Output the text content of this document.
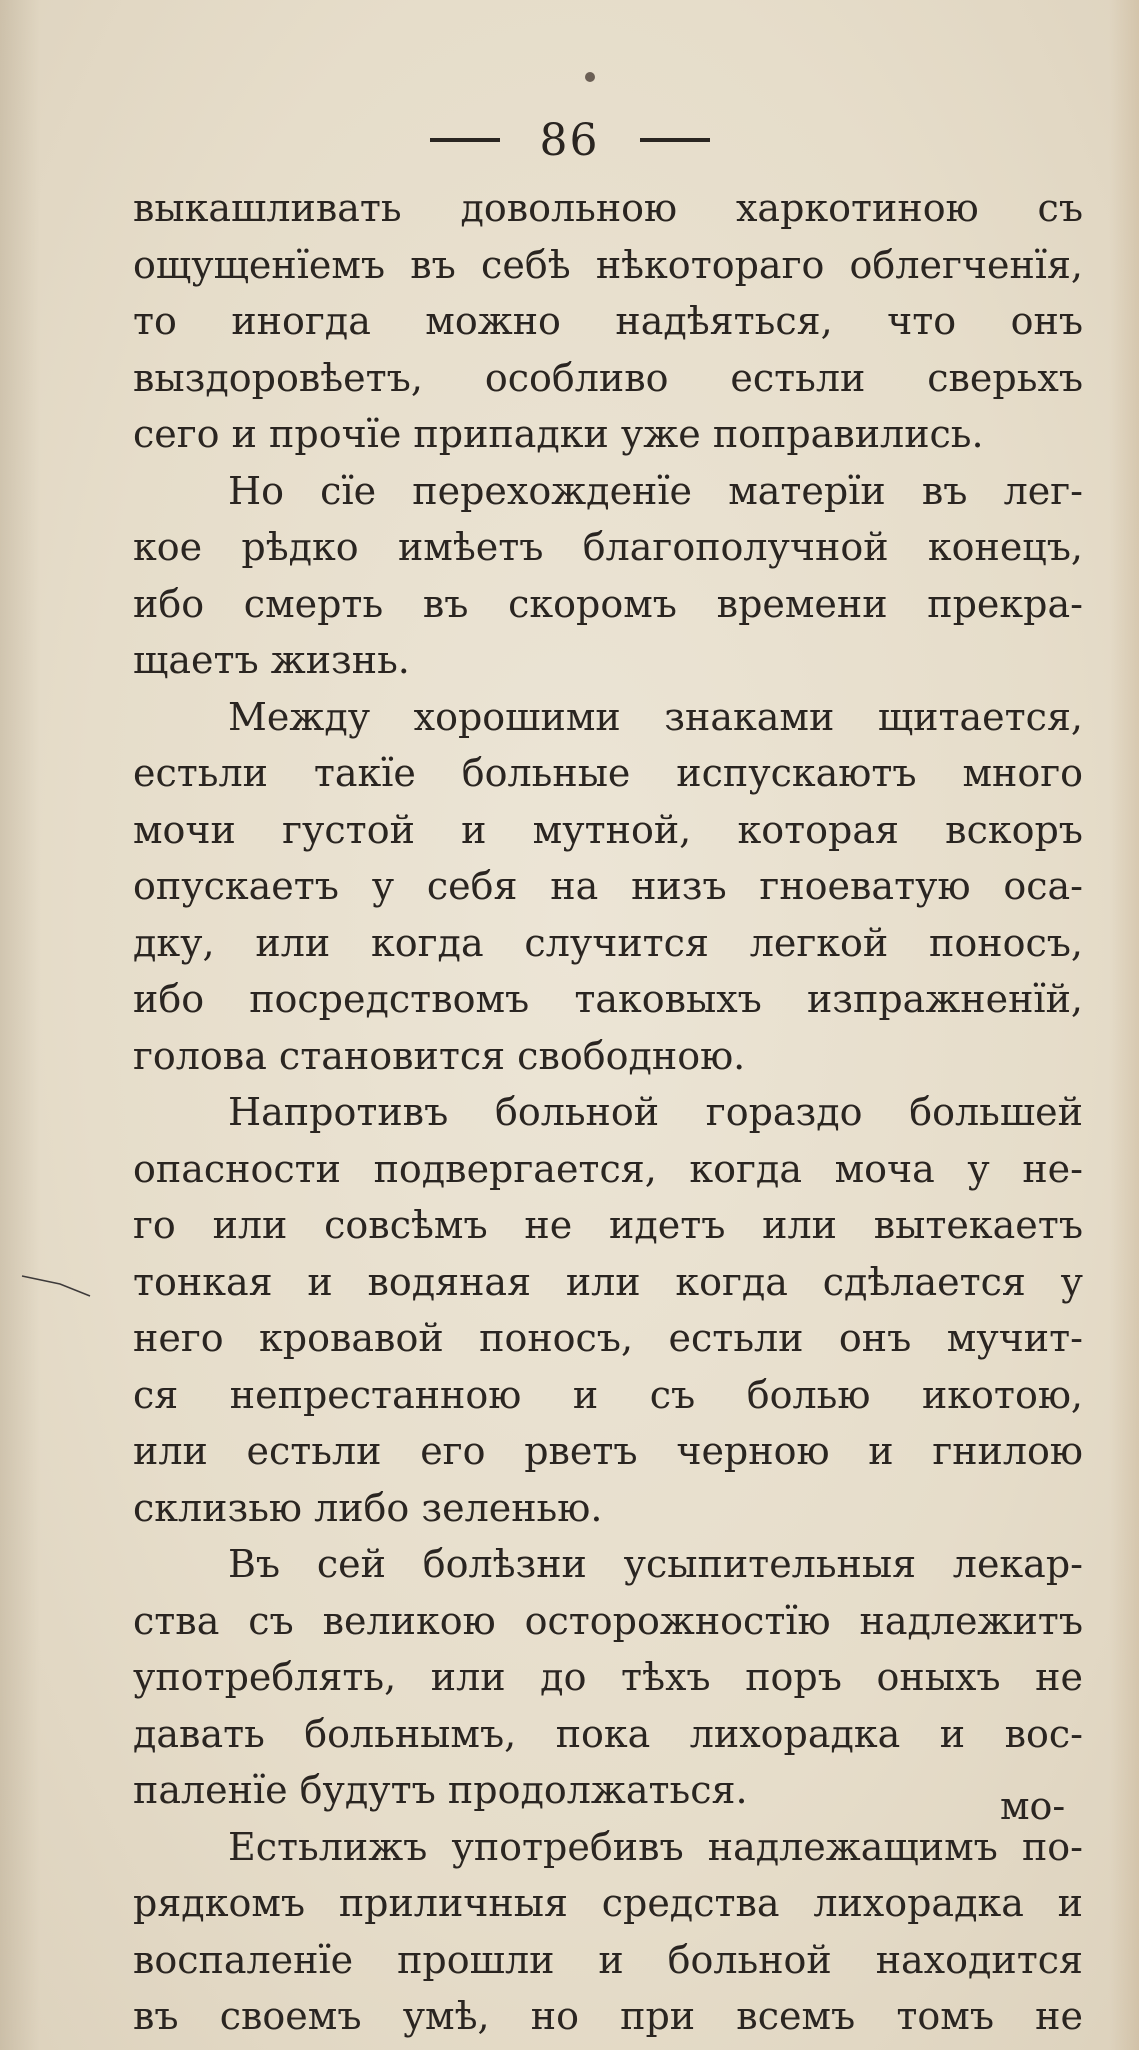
86
выкашливать довольною харкотиною съ
ощущенїемъ въ себѣ нѣкотораго облегченїя,
то иногда можно надѣяться, что онъ
выздоровѣетъ, особливо естьли сверьхъ
сего и прочїе припадки уже поправились.
Но сїе перехожденїе матерїи въ лег-
кое рѣдко имѣетъ благополучной конецъ,
ибо смерть въ скоромъ времени прекра-
щаетъ жизнь.
Между хорошими знаками щитается,
естьли такїе больные испускаютъ много
мочи густой и мутной, которая вскоръ
опускаетъ у себя на низъ гноеватую оса-
дку, или когда случится легкой поносъ,
ибо посредствомъ таковыхъ изпражненїй,
голова становится свободною.
Напротивъ больной гораздо большей
опасности подвергается, когда моча у не-
го или совсѣмъ не идетъ или вытекаетъ
тонкая и водяная или когда сдѣлается у
него кровавой поносъ, естьли онъ мучит-
ся непрестанною и съ болью икотою,
или естьли его рветъ черною и гнилою
склизью либо зеленью.
Въ сей болѣзни усыпительныя лекар-
ства съ великою осторожностїю надлежитъ
употреблять, или до тѣхъ поръ оныхъ не
давать больнымъ, пока лихорадка и вос-
паленїе будутъ продолжаться.
Естьлижъ употребивъ надлежащимъ по-
рядкомъ приличныя средства лихорадка и
воспаленїе прошли и больной находится
въ своемъ умѣ, но при всемъ томъ не
мо-
